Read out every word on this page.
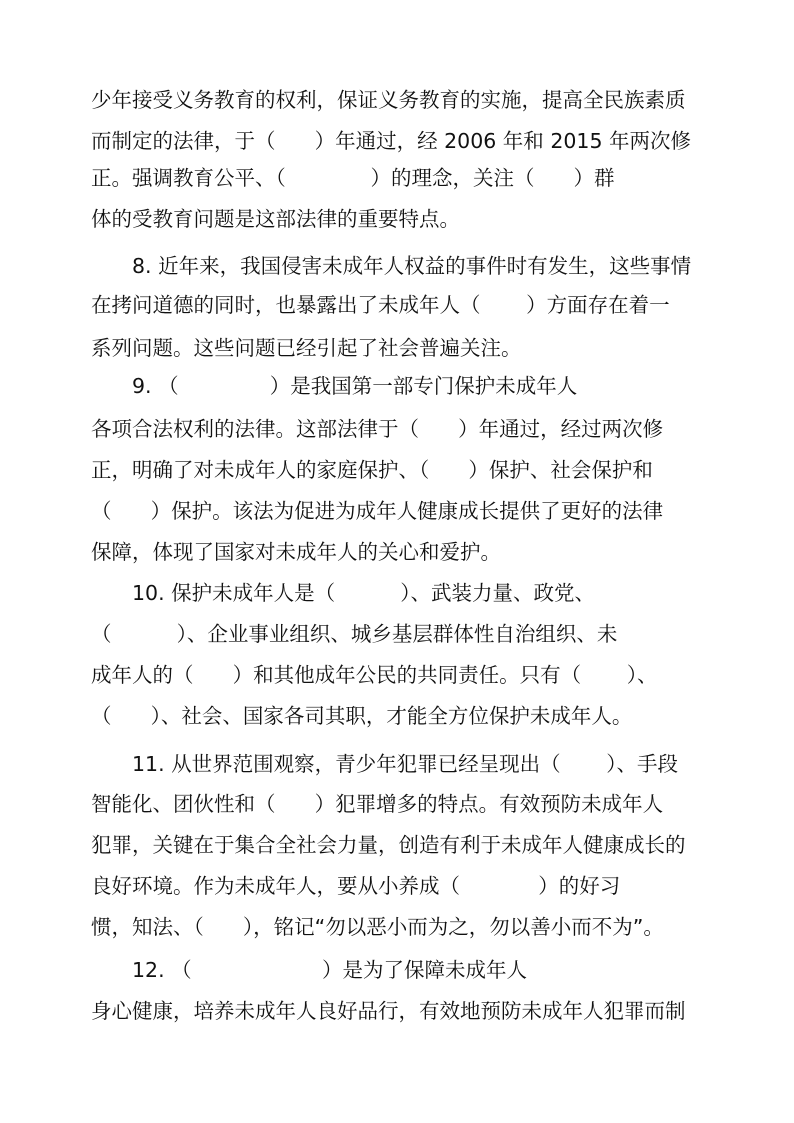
少年接受义务教育的权利，保证义务教育的实施，提高全民族素质
而制定的法律，于（      ）年通过，经 2006 年和 2015 年两次修
正。强调教育公平、（             ）的理念，关注（      ）群
体的受教育问题是这部法律的重要特点。
8. 近年来，我国侵害未成年人权益的事件时有发生，这些事情
在拷问道德的同时，也暴露出了未成年人（       ）方面存在着一
系列问题。这些问题已经引起了社会普遍关注。
9. （              ）是我国第一部专门保护未成年人
各项合法权利的法律。这部法律于（      ）年通过，经过两次修
正，明确了对未成年人的家庭保护、（      ）保护、社会保护和
（      ）保护。该法为促进为成年人健康成长提供了更好的法律
保障，体现了国家对未成年人的关心和爱护。
10. 保护未成年人是（          ）、武装力量、政党、
（          ）、企业事业组织、城乡基层群体性自治组织、未
成年人的（      ）和其他成年公民的共同责任。只有（       ）、
（      ）、社会、国家各司其职，才能全方位保护未成年人。
11. 从世界范围观察，青少年犯罪已经呈现出（       ）、手段
智能化、团伙性和（      ）犯罪增多的特点。有效预防未成年人
犯罪，关键在于集合全社会力量，创造有利于未成年人健康成长的
良好环境。作为未成年人，要从小养成（            ）的好习
惯，知法、（      ），铭记“勿以恶小而为之，勿以善小而不为”。
12. （                    ）是为了保障未成年人
身心健康，培养未成年人良好品行，有效地预防未成年人犯罪而制
